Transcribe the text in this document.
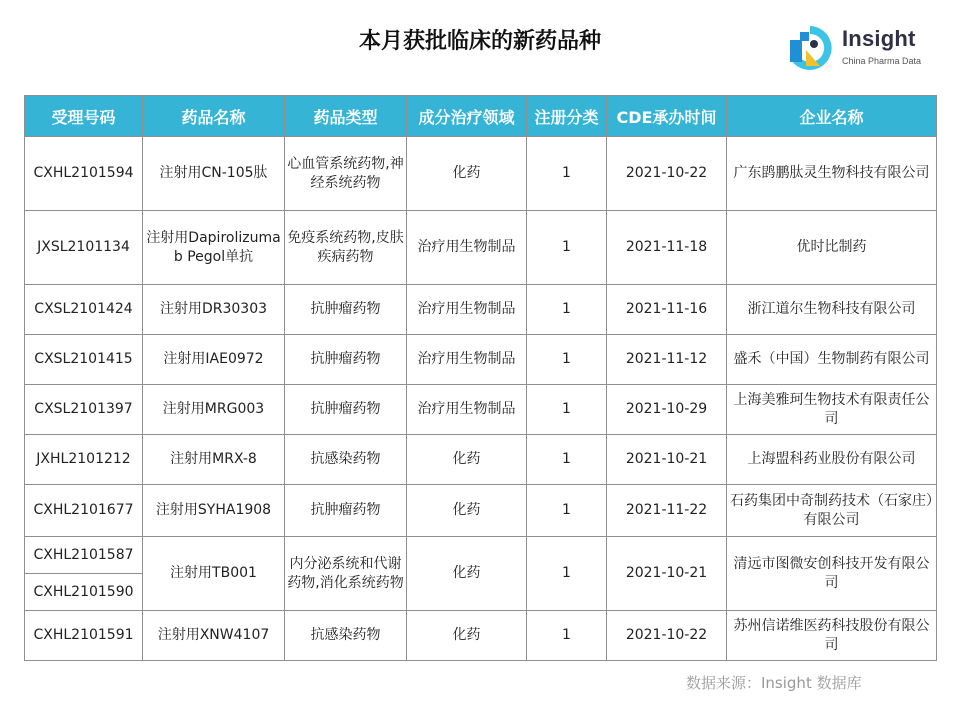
本月获批临床的新药品种	Insight
China Pharma Data
受理号码	药品名称	药品类型	成分治疗领域	注册分类	CDE承办时间	企业名称
CXHL2101594	注射用CN-105肽	心血管系统药物,神经系统药物	化药	1	2021-10-22	广东鹍鹏肽灵生物科技有限公司
JXSL2101134	注射用Dapirolizumab Pegol单抗	免疫系统药物,皮肤疾病药物	治疗用生物制品	1	2021-11-18	优时比制药
CXSL2101424	注射用DR30303	抗肿瘤药物	治疗用生物制品	1	2021-11-16	浙江道尔生物科技有限公司
CXSL2101415	注射用IAE0972	抗肿瘤药物	治疗用生物制品	1	2021-11-12	盛禾（中国）生物制药有限公司
CXSL2101397	注射用MRG003	抗肿瘤药物	治疗用生物制品	1	2021-10-29	上海美雅珂生物技术有限责任公司
JXHL2101212	注射用MRX-8	抗感染药物	化药	1	2021-10-21	上海盟科药业股份有限公司
CXHL2101677	注射用SYHA1908	抗肿瘤药物	化药	1	2021-11-22	石药集团中奇制药技术（石家庄）有限公司
CXHL2101587	注射用TB001	内分泌系统和代谢药物,消化系统药物	化药	1	2021-10-21	清远市图微安创科技开发有限公司
CXHL2101590						
CXHL2101591	注射用XNW4107	抗感染药物	化药	1	2021-10-22	苏州信诺维医药科技股份有限公司
数据来源：Insight 数据库
